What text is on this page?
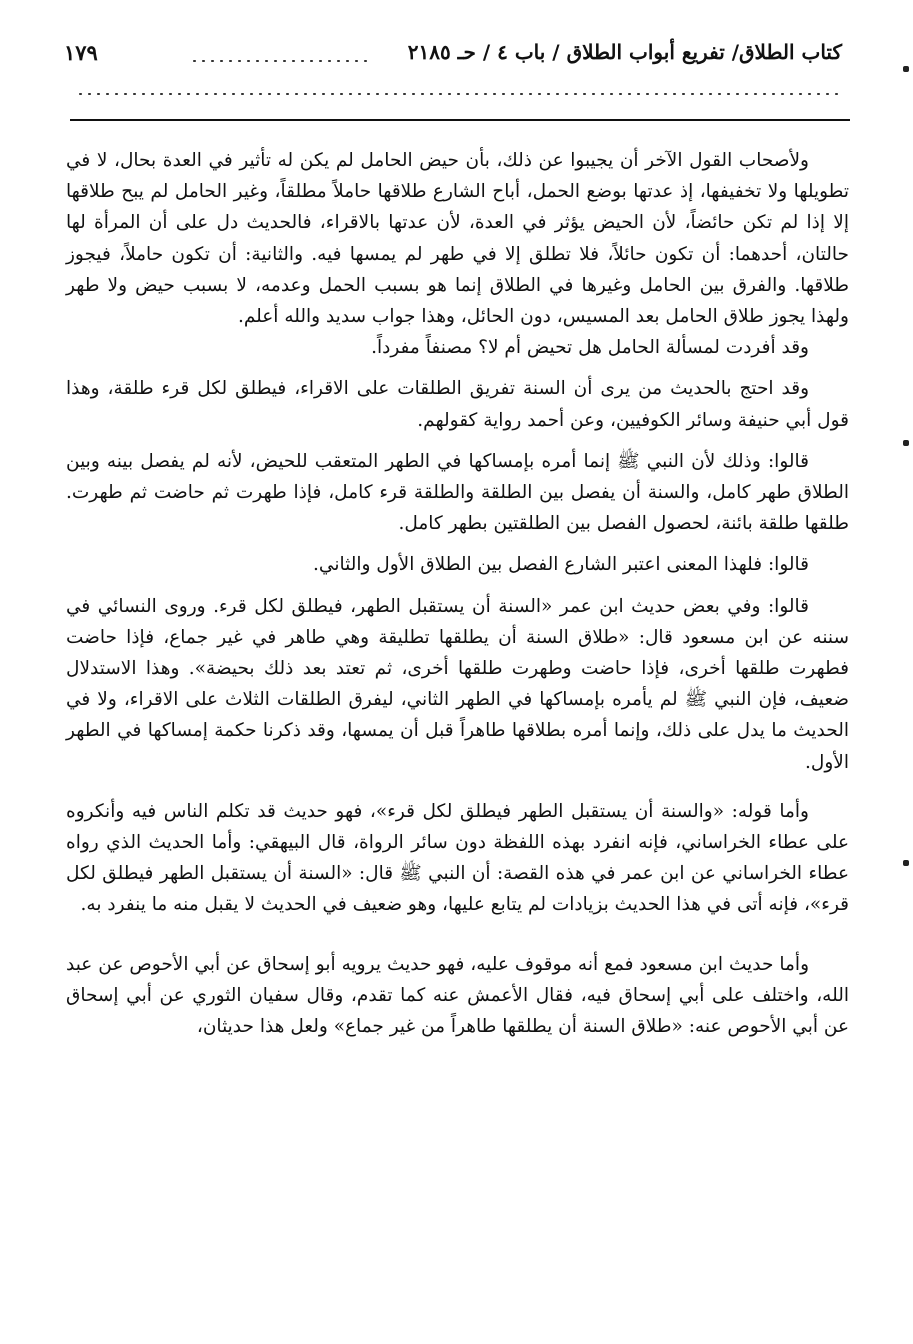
كتاب الطلاق/ تفريع أبواب الطلاق / باب ٤ / حـ ٢١٨٥
١٧٩

ولأصحاب القول الآخر أن يجيبوا عن ذلك، بأن حيض الحامل لم يكن له تأثير في العدة بحال، لا في تطويلها ولا تخفيفها، إذ عدتها بوضع الحمل، أباح الشارع طلاقها حاملاً مطلقاً، وغير الحامل لم يبح طلاقها إلا إذا لم تكن حائضاً، لأن الحيض يؤثر في العدة، لأن عدتها بالاقراء، فالحديث دل على أن المرأة لها حالتان، أحدهما: أن تكون حائلاً، فلا تطلق إلا في طهر لم يمسها فيه. والثانية: أن تكون حاملاً، فيجوز طلاقها. والفرق بين الحامل وغيرها في الطلاق إنما هو بسبب الحمل وعدمه، لا بسبب حيض ولا طهر ولهذا يجوز طلاق الحامل بعد المسيس، دون الحائل، وهذا جواب سديد والله أعلم.

وقد أفردت لمسألة الحامل هل تحيض أم لا؟ مصنفاً مفرداً.

وقد احتج بالحديث من يرى أن السنة تفريق الطلقات على الاقراء، فيطلق لكل قرء طلقة، وهذا قول أبي حنيفة وسائر الكوفيين، وعن أحمد رواية كقولهم.

قالوا: وذلك لأن النبي ﷺ إنما أمره بإمساكها في الطهر المتعقب للحيض، لأنه لم يفصل بينه وبين الطلاق طهر كامل، والسنة أن يفصل بين الطلقة والطلقة قرء كامل، فإذا طهرت ثم حاضت ثم طهرت. طلقها طلقة بائنة، لحصول الفصل بين الطلقتين بطهر كامل.

قالوا: فلهذا المعنى اعتبر الشارع الفصل بين الطلاق الأول والثاني.

قالوا: وفي بعض حديث ابن عمر «السنة أن يستقبل الطهر، فيطلق لكل قرء. وروى النسائي في سننه عن ابن مسعود قال: «طلاق السنة أن يطلقها تطليقة وهي طاهر في غير جماع، فإذا حاضت فطهرت طلقها أخرى، فإذا حاضت وطهرت طلقها أخرى، ثم تعتد بعد ذلك بحيضة». وهذا الاستدلال ضعيف، فإن النبي ﷺ لم يأمره بإمساكها في الطهر الثاني، ليفرق الطلقات الثلاث على الاقراء، ولا في الحديث ما يدل على ذلك، وإنما أمره بطلاقها طاهراً قبل أن يمسها، وقد ذكرنا حكمة إمساكها في الطهر الأول.

وأما قوله: «والسنة أن يستقبل الطهر فيطلق لكل قرء»، فهو حديث قد تكلم الناس فيه وأنكروه على عطاء الخراساني، فإنه انفرد بهذه اللفظة دون سائر الرواة، قال البيهقي: وأما الحديث الذي رواه عطاء الخراساني عن ابن عمر في هذه القصة: أن النبي ﷺ قال: «السنة أن يستقبل الطهر فيطلق لكل قرء»، فإنه أتى في هذا الحديث بزيادات لم يتابع عليها، وهو ضعيف في الحديث لا يقبل منه ما ينفرد به.

وأما حديث ابن مسعود فمع أنه موقوف عليه، فهو حديث يرويه أبو إسحاق عن أبي الأحوص عن عبد الله، واختلف على أبي إسحاق فيه، فقال الأعمش عنه كما تقدم، وقال سفيان الثوري عن أبي إسحاق عن أبي الأحوص عنه: «طلاق السنة أن يطلقها طاهراً من غير جماع» ولعل هذا حديثان،
